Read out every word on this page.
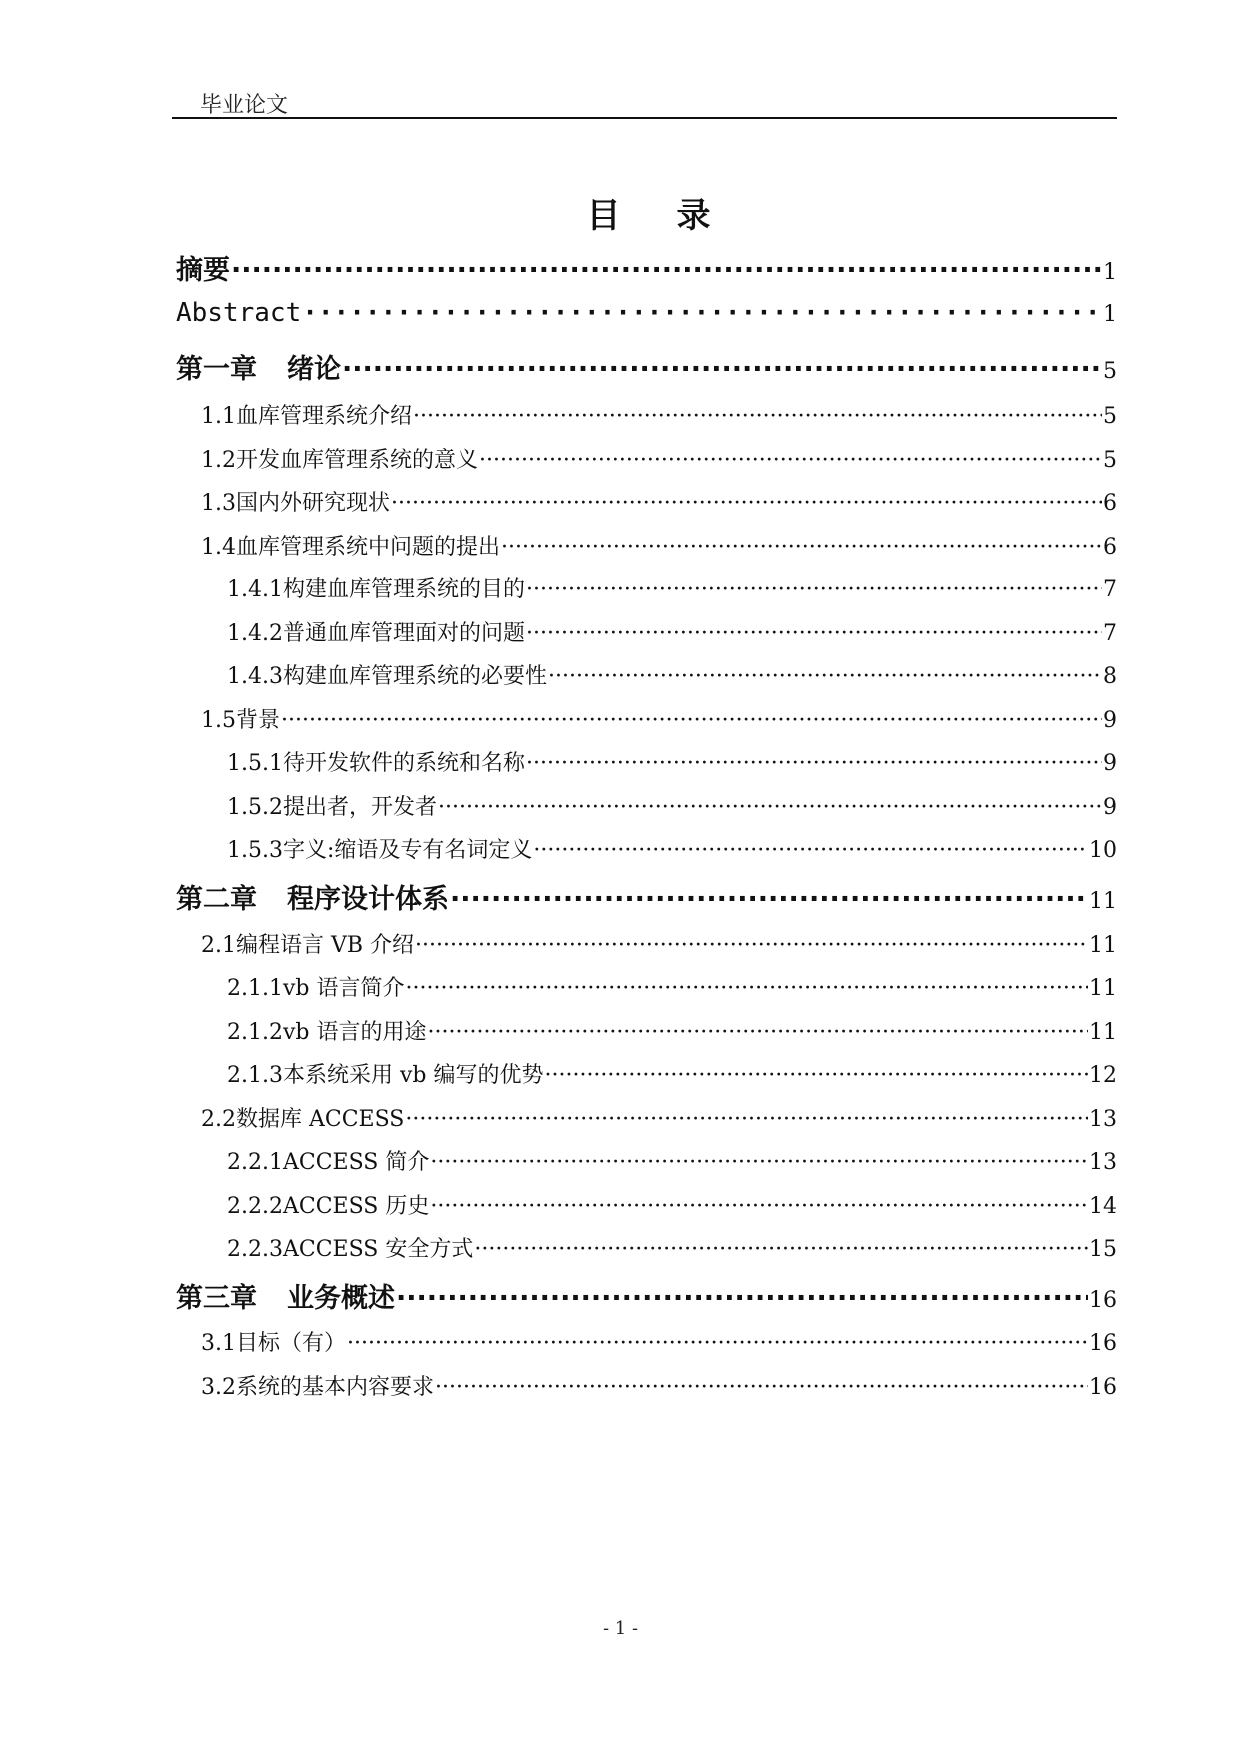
毕业论文
目录
摘要 ·····	1
Abstract ·····	1
第一章 绪论 ·····	5
1.1 血库管理系统介绍 ·····	5
1.2 开发血库管理系统的意义 ·····	5
1.3 国内外研究现状 ·····	6
1.4 血库管理系统中问题的提出 ·····	6
1.4.1 构建血库管理系统的目的 ·····	7
1.4.2 普通血库管理面对的问题 ·····	7
1.4.3 构建血库管理系统的必要性 ·····	8
1.5 背景 ·····	9
1.5.1 待开发软件的系统和名称 ·····	9
1.5.2 提出者，开发者 ·····	9
1.5.3 字义:缩语及专有名词定义 ·····	10
第二章 程序设计体系 ·····	11
2.1 编程语言 VB 介绍 ·····	11
2.1.1 vb 语言简介 ·····	11
2.1.2 vb 语言的用途 ·····	11
2.1.3 本系统采用 vb 编写的优势 ·····	12
2.2 数据库 ACCESS ·····	13
2.2.1 ACCESS 简介 ·····	13
2.2.2 ACCESS 历史 ·····	14
2.2.3 ACCESS 安全方式 ·····	15
第三章 业务概述 ·····	16
3.1 目标（有） ·····	16
3.2 系统的基本内容要求 ·····	16
- 1 -
